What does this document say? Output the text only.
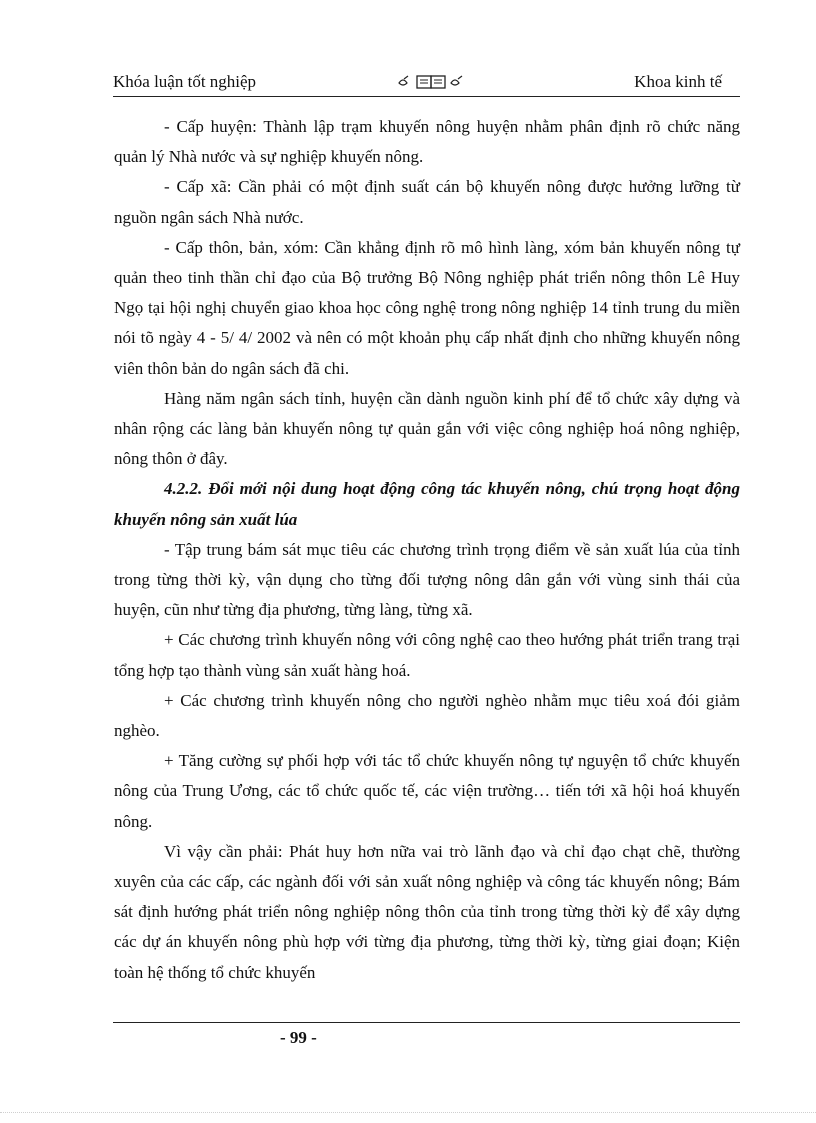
Khóa luận tốt nghiệp	Khoa kinh tế

- Cấp huyện: Thành lập trạm khuyến nông huyện nhằm phân định rõ chức năng quản lý Nhà nước và sự nghiệp khuyến nông.

- Cấp xã: Cần phải có một định suất cán bộ khuyến nông được hưởng lưỡng từ nguồn ngân sách Nhà nước.

- Cấp thôn, bản, xóm: Cần khẳng định rõ mô hình làng, xóm bản khuyến nông tự quản theo tinh thần chỉ đạo của Bộ trưởng Bộ Nông nghiệp phát triển nông thôn Lê Huy Ngọ tại hội nghị chuyển giao khoa học công nghệ trong nông nghiệp 14 tỉnh trung du miền nói tõ ngày 4 - 5/ 4/ 2002 và nên có một khoản phụ cấp nhất định cho những khuyến nông viên thôn bản do ngân sách đã chi.

Hàng năm ngân sách tỉnh, huyện cần dành nguồn kinh phí để tổ chức xây dựng và nhân rộng các làng bản khuyến nông tự quản gắn với việc công nghiệp hoá nông nghiệp, nông thôn ở đây.

4.2.2. Đổi mới nội dung hoạt động công tác khuyến nông, chú trọng hoạt động khuyến nông sản xuất lúa

- Tập trung bám sát mục tiêu các chương trình trọng điểm về sản xuất lúa của tỉnh trong từng thời kỳ, vận dụng cho từng đối tượng nông dân gắn với vùng sinh thái của huyện, cũn như từng địa phương, từng làng, từng xã.

+ Các chương trình khuyến nông với công nghệ cao theo hướng phát triển trang trại tổng hợp tạo thành vùng sản xuất hàng hoá.

+ Các chương trình khuyến nông cho người nghèo nhằm mục tiêu xoá đói giảm nghèo.

+ Tăng cường sự phối hợp với tác tổ chức khuyến nông tự nguyện tổ chức khuyến nông của Trung Ương, các tổ chức quốc tế, các viện trường… tiến tới xã hội hoá khuyến nông.

Vì vậy cần phải: Phát huy hơn nữa vai trò lãnh đạo và chỉ đạo chạt chẽ, thường xuyên của các cấp, các ngành đối với sản xuất nông nghiệp và công tác khuyến nông; Bám sát định hướng phát triển nông nghiệp nông thôn của tỉnh trong từng thời kỳ để xây dựng các dự án khuyến nông phù hợp với từng địa phương, từng thời kỳ, từng giai đoạn; Kiện toàn hệ thống tổ chức khuyến

- 99 -
